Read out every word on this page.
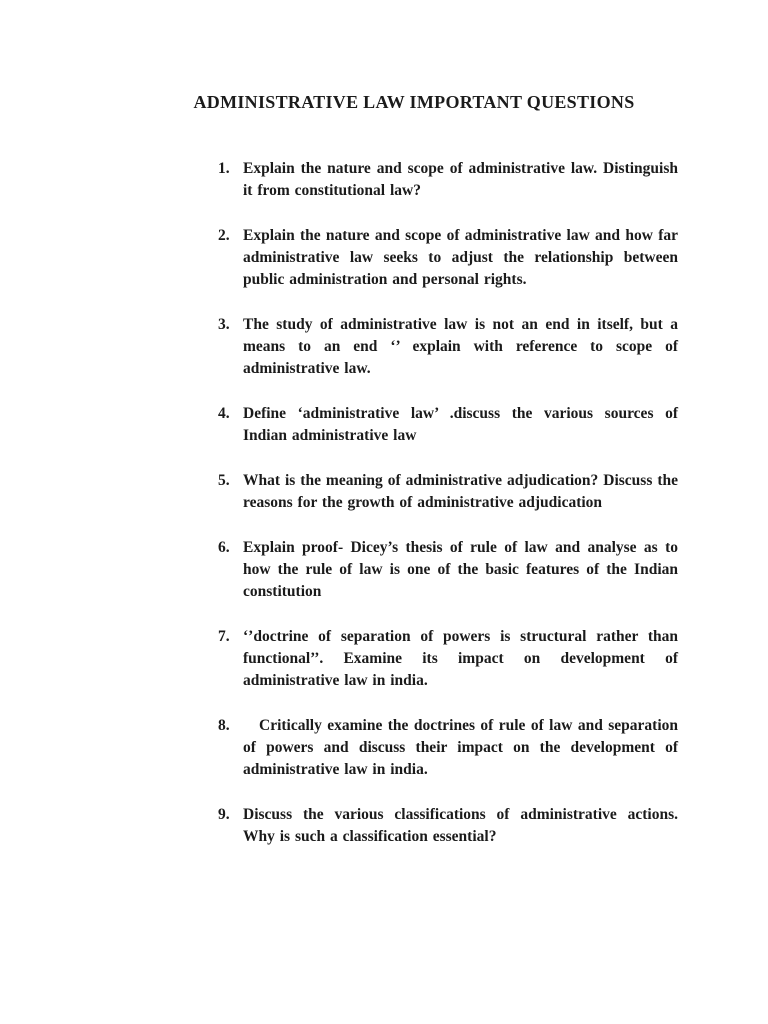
ADMINISTRATIVE LAW IMPORTANT QUESTIONS
1. Explain the nature and scope of administrative law. Distinguish it from constitutional law?

2. Explain the nature and scope of administrative law and how far administrative law seeks to adjust the relationship between public administration and personal rights.

3. The study of administrative law is not an end in itself, but a means to an end ‘’ explain with reference to scope of administrative law.

4. Define ‘administrative law’ .discuss the various sources of Indian administrative law

5. What is the meaning of administrative adjudication? Discuss the reasons for the growth of administrative adjudication

6. Explain proof- Dicey’s thesis of rule of law and analyse as to how the rule of law is one of the basic features of the Indian constitution

7. ‘’doctrine of separation of powers is structural rather than functional’’. Examine its impact on development of administrative law in india.

8.	Critically examine the doctrines of rule of law and separation of powers and discuss their impact on the development of administrative law in india.

9. Discuss the various classifications of administrative actions. Why is such a classification essential?
